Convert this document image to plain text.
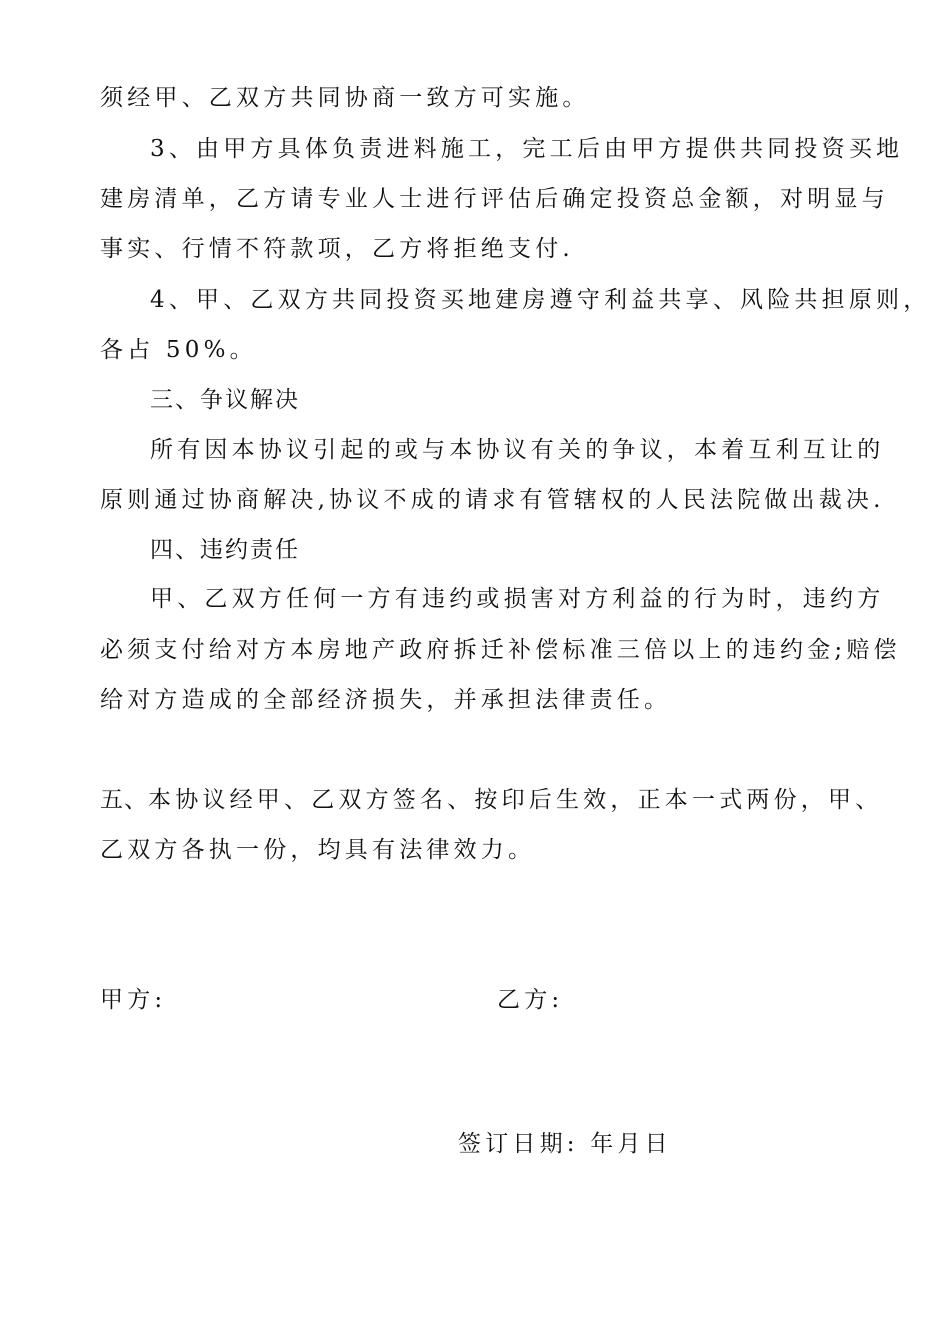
须经甲、乙双方共同协商一致方可实施。
3、由甲方具体负责进料施工，完工后由甲方提供共同投资买地
建房清单，乙方请专业人士进行评估后确定投资总金额，对明显与
事实、行情不符款项，乙方将拒绝支付.
4、甲、乙双方共同投资买地建房遵守利益共享、风险共担原则，
各占 50%。
三、争议解决
所有因本协议引起的或与本协议有关的争议，本着互利互让的
原则通过协商解决,协议不成的请求有管辖权的人民法院做出裁决.
四、违约责任
甲、乙双方任何一方有违约或损害对方利益的行为时，违约方
必须支付给对方本房地产政府拆迁补偿标准三倍以上的违约金;赔偿
给对方造成的全部经济损失，并承担法律责任。
五、本协议经甲、乙双方签名、按印后生效，正本一式两份，甲、
乙双方各执一份，均具有法律效力。
甲方:	乙方:
签订日期: 年月日
